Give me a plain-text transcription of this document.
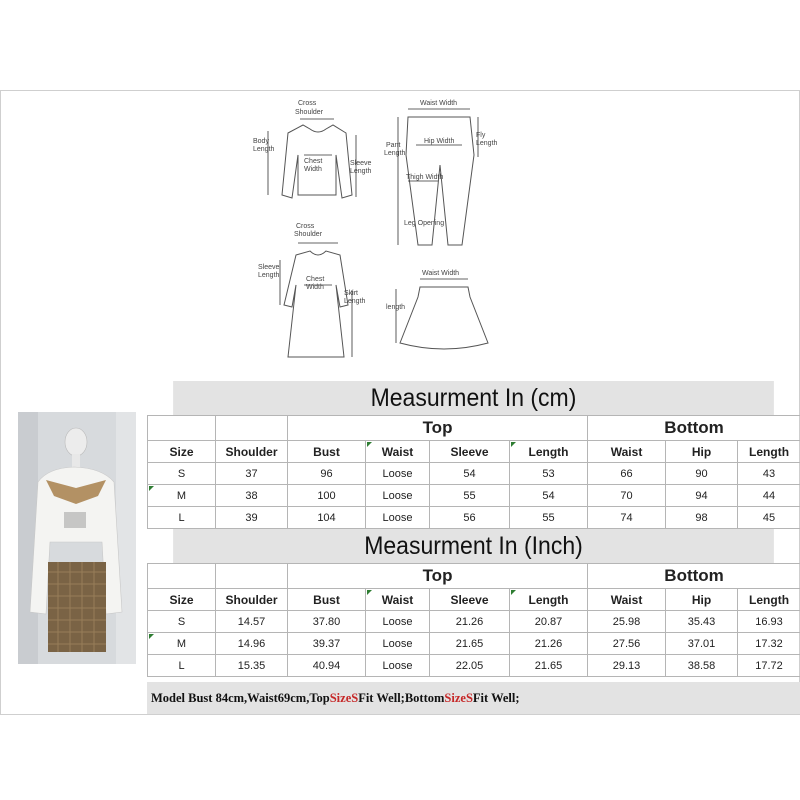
Cross
Shoulder
Body
Length
Chest
Width
Sleeve
Length
Waist Width
Pant
Length
Fly
Length
Hip Width
Thigh Width
Leg Opening
Cross
Shoulder
Sleeve
Length
Chest
Width
Skirt
Length
Waist Width
length
Measurment In (cm)
		Top				Bottom		
Size	Shoulder	Bust	Waist	Sleeve	Length	Waist	Hip	Length
S	37	96	Loose	54	53	66	90	43

M	38	100	Loose	55	54	70	94	44
L	39	104	Loose	56	55	74	98	45
Measurment In (Inch)
		Top				Bottom		
Size	Shoulder	Bust	Waist	Sleeve	Length	Waist	Hip	Length
S	14.57	37.80	Loose	21.26	20.87	25.98	35.43	16.93

M	14.96	39.37	Loose	21.65	21.26	27.56	37.01	17.32
L	15.35	40.94	Loose	22.05	21.65	29.13	38.58	17.72
Model Bust 84cm,Waist69cm,Top SizeS Fit Well;Bottom SizeS Fit Well;
